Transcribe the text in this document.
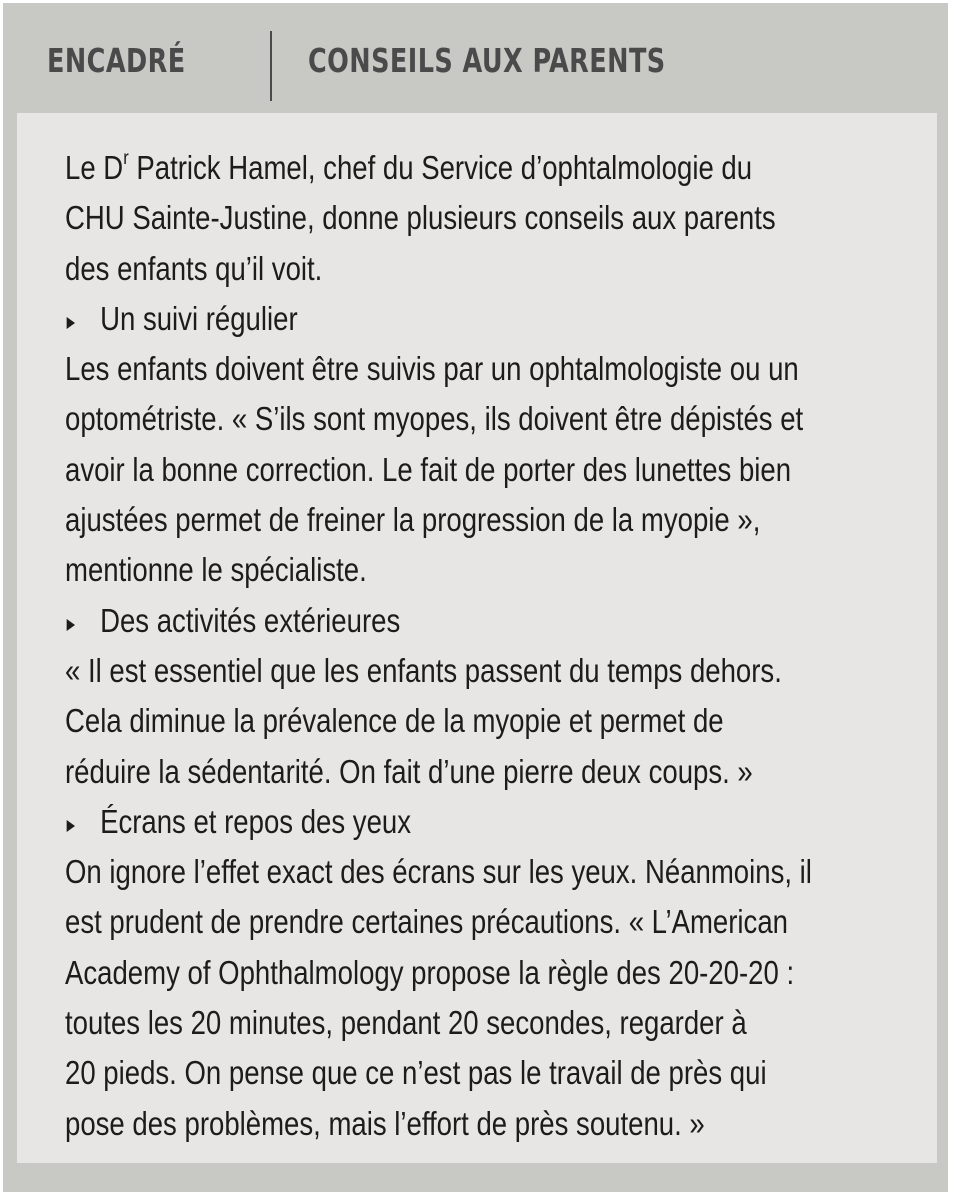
ENCADRÉ	CONSEILS AUX PARENTS

Le $D^r$ Patrick Hamel, chef du Service d’ophtalmologie du
CHU Sainte-Justine, donne plusieurs conseils aux parents
des enfants qu’il voit.

Un suivi régulier
Les enfants doivent être suivis par un ophtalmologiste ou un
optométriste. « S’ils sont myopes, ils doivent être dépistés et
avoir la bonne correction. Le fait de porter des lunettes bien
ajustées permet de freiner la progression de la myopie »,
mentionne le spécialiste.
Des activités extérieures
« Il est essentiel que les enfants passent du temps dehors.
Cela diminue la prévalence de la myopie et permet de
réduire la sédentarité. On fait d’une pierre deux coups. »
Écrans et repos des yeux
On ignore l’effet exact des écrans sur les yeux. Néanmoins, il
est prudent de prendre certaines précautions. « L’American
Academy of Ophthalmology propose la règle des 20-20-20 :
toutes les 20 minutes, pendant 20 secondes, regarder à
20 pieds. On pense que ce n’est pas le travail de près qui
pose des problèmes, mais l’effort de près soutenu. »
